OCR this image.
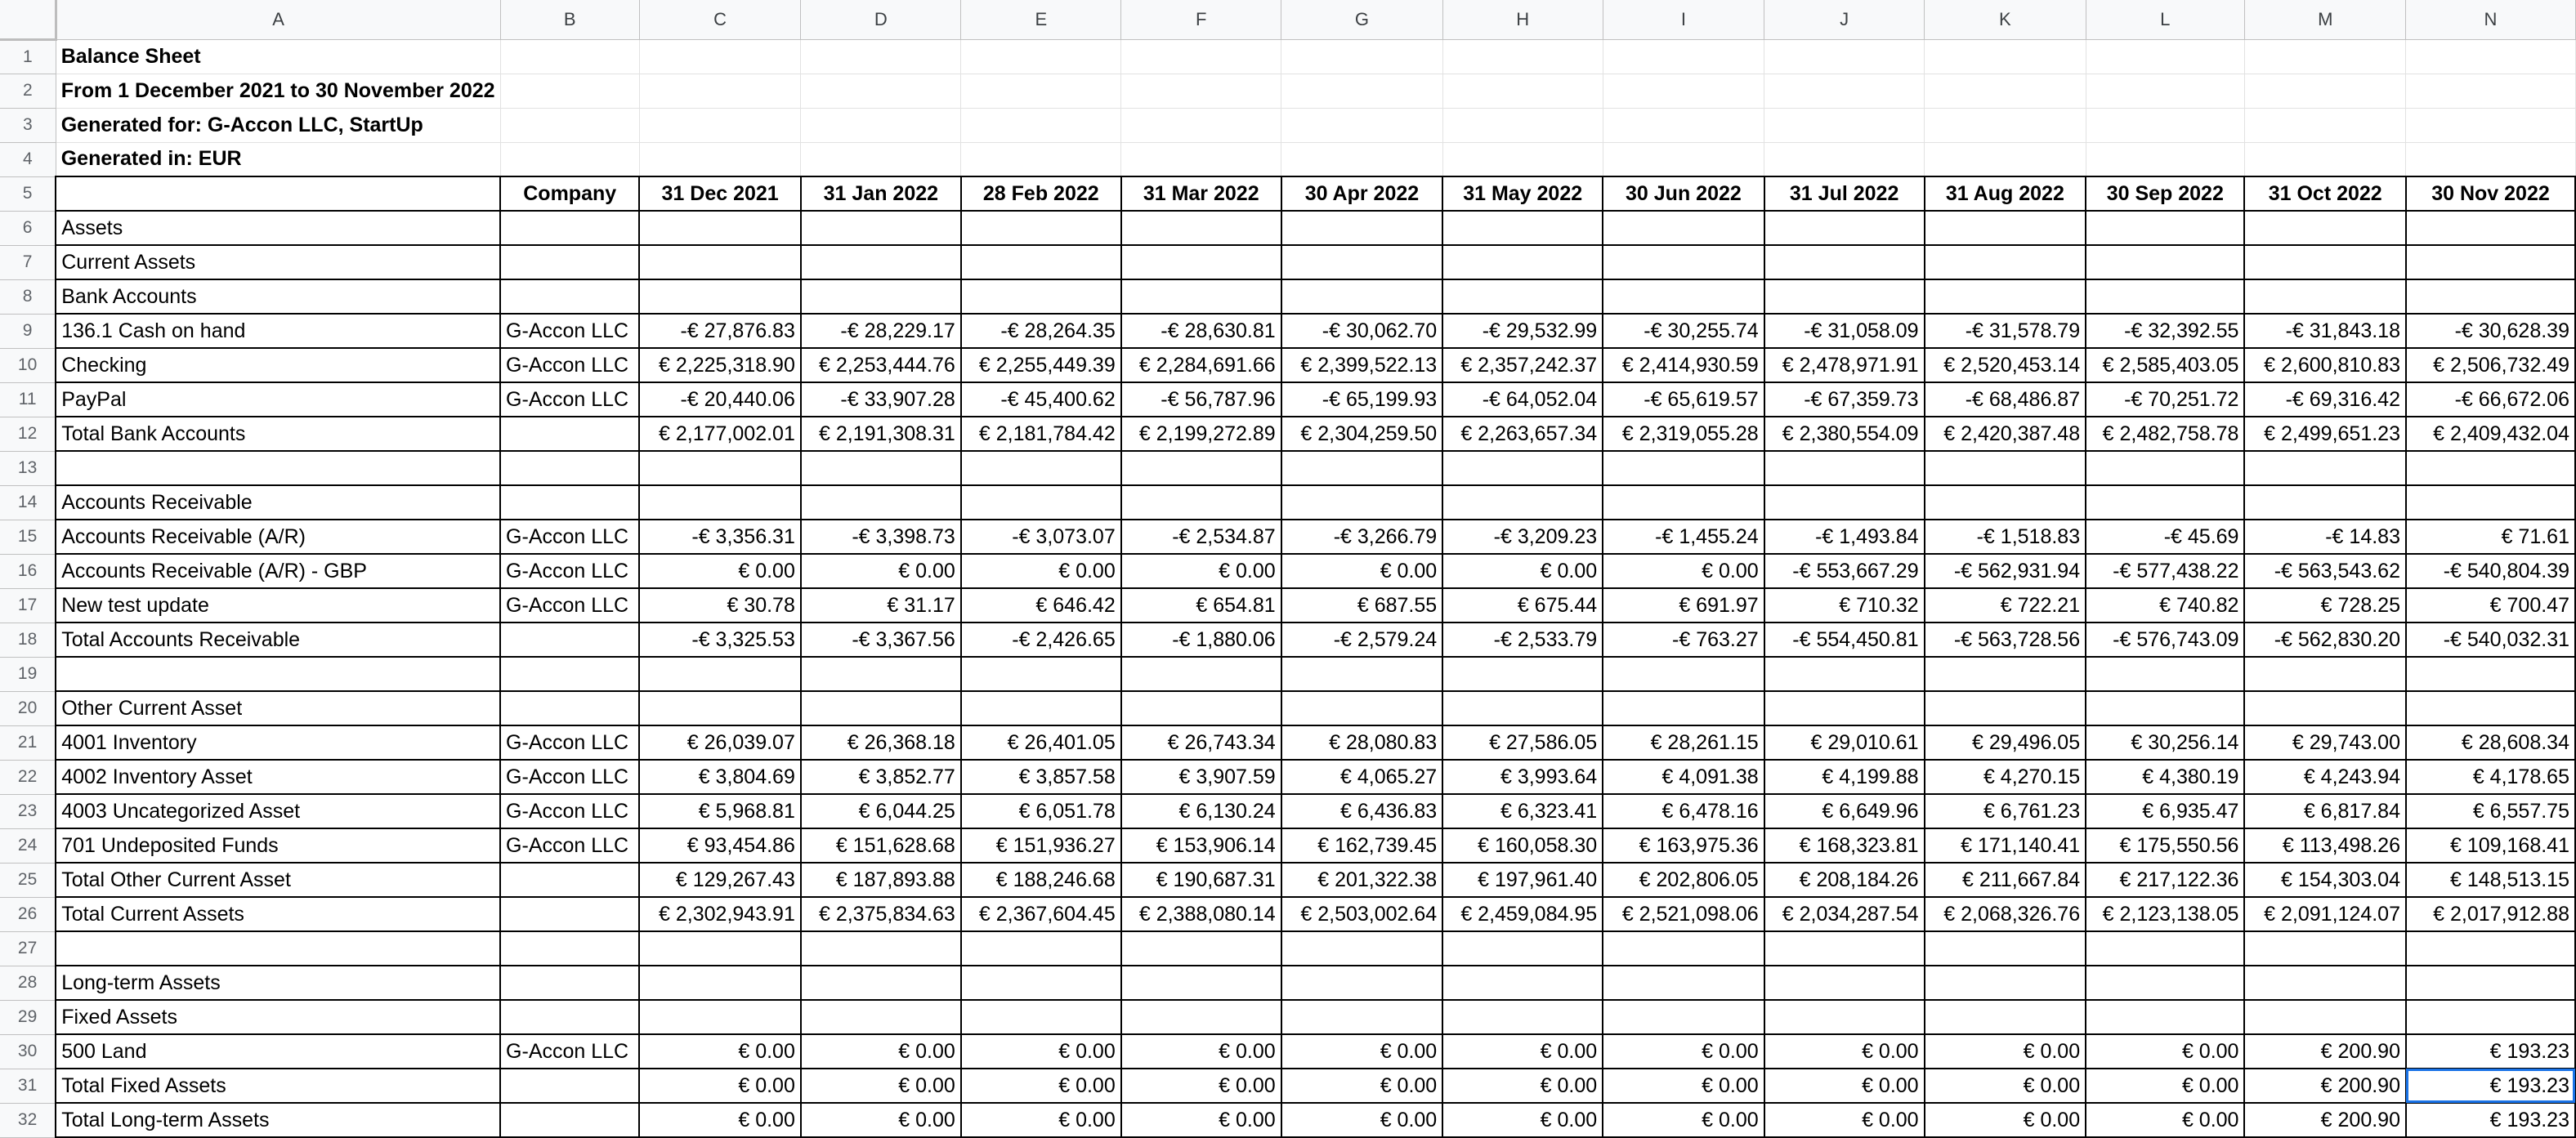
	A	B	C	D	E	F	G	H	I	J	K	L	M	N
1	Balance Sheet													
2	From 1 December 2021 to 30 November 2022													
3	Generated for: G-Accon LLC, StartUp													
4	Generated in: EUR													
5		Company	31 Dec 2021	31 Jan 2022	28 Feb 2022	31 Mar 2022	30 Apr 2022	31 May 2022	30 Jun 2022	31 Jul 2022	31 Aug 2022	30 Sep 2022	31 Oct 2022	30 Nov 2022
6	Assets													
7	Current Assets													
8	Bank Accounts													
9	136.1 Cash on hand	G-Accon LLC	-€ 27,876.83	-€ 28,229.17	-€ 28,264.35	-€ 28,630.81	-€ 30,062.70	-€ 29,532.99	-€ 30,255.74	-€ 31,058.09	-€ 31,578.79	-€ 32,392.55	-€ 31,843.18	-€ 30,628.39
10	Checking	G-Accon LLC	€ 2,225,318.90	€ 2,253,444.76	€ 2,255,449.39	€ 2,284,691.66	€ 2,399,522.13	€ 2,357,242.37	€ 2,414,930.59	€ 2,478,971.91	€ 2,520,453.14	€ 2,585,403.05	€ 2,600,810.83	€ 2,506,732.49
11	PayPal	G-Accon LLC	-€ 20,440.06	-€ 33,907.28	-€ 45,400.62	-€ 56,787.96	-€ 65,199.93	-€ 64,052.04	-€ 65,619.57	-€ 67,359.73	-€ 68,486.87	-€ 70,251.72	-€ 69,316.42	-€ 66,672.06
12	Total Bank Accounts		€ 2,177,002.01	€ 2,191,308.31	€ 2,181,784.42	€ 2,199,272.89	€ 2,304,259.50	€ 2,263,657.34	€ 2,319,055.28	€ 2,380,554.09	€ 2,420,387.48	€ 2,482,758.78	€ 2,499,651.23	€ 2,409,432.04
13														
14	Accounts Receivable													
15	Accounts Receivable (A/R)	G-Accon LLC	-€ 3,356.31	-€ 3,398.73	-€ 3,073.07	-€ 2,534.87	-€ 3,266.79	-€ 3,209.23	-€ 1,455.24	-€ 1,493.84	-€ 1,518.83	-€ 45.69	-€ 14.83	€ 71.61
16	Accounts Receivable (A/R) - GBP	G-Accon LLC	€ 0.00	€ 0.00	€ 0.00	€ 0.00	€ 0.00	€ 0.00	€ 0.00	-€ 553,667.29	-€ 562,931.94	-€ 577,438.22	-€ 563,543.62	-€ 540,804.39
17	New test update	G-Accon LLC	€ 30.78	€ 31.17	€ 646.42	€ 654.81	€ 687.55	€ 675.44	€ 691.97	€ 710.32	€ 722.21	€ 740.82	€ 728.25	€ 700.47
18	Total Accounts Receivable		-€ 3,325.53	-€ 3,367.56	-€ 2,426.65	-€ 1,880.06	-€ 2,579.24	-€ 2,533.79	-€ 763.27	-€ 554,450.81	-€ 563,728.56	-€ 576,743.09	-€ 562,830.20	-€ 540,032.31
19														
20	Other Current Asset													
21	4001 Inventory	G-Accon LLC	€ 26,039.07	€ 26,368.18	€ 26,401.05	€ 26,743.34	€ 28,080.83	€ 27,586.05	€ 28,261.15	€ 29,010.61	€ 29,496.05	€ 30,256.14	€ 29,743.00	€ 28,608.34
22	4002 Inventory Asset	G-Accon LLC	€ 3,804.69	€ 3,852.77	€ 3,857.58	€ 3,907.59	€ 4,065.27	€ 3,993.64	€ 4,091.38	€ 4,199.88	€ 4,270.15	€ 4,380.19	€ 4,243.94	€ 4,178.65
23	4003 Uncategorized Asset	G-Accon LLC	€ 5,968.81	€ 6,044.25	€ 6,051.78	€ 6,130.24	€ 6,436.83	€ 6,323.41	€ 6,478.16	€ 6,649.96	€ 6,761.23	€ 6,935.47	€ 6,817.84	€ 6,557.75
24	701 Undeposited Funds	G-Accon LLC	€ 93,454.86	€ 151,628.68	€ 151,936.27	€ 153,906.14	€ 162,739.45	€ 160,058.30	€ 163,975.36	€ 168,323.81	€ 171,140.41	€ 175,550.56	€ 113,498.26	€ 109,168.41
25	Total Other Current Asset		€ 129,267.43	€ 187,893.88	€ 188,246.68	€ 190,687.31	€ 201,322.38	€ 197,961.40	€ 202,806.05	€ 208,184.26	€ 211,667.84	€ 217,122.36	€ 154,303.04	€ 148,513.15
26	Total Current Assets		€ 2,302,943.91	€ 2,375,834.63	€ 2,367,604.45	€ 2,388,080.14	€ 2,503,002.64	€ 2,459,084.95	€ 2,521,098.06	€ 2,034,287.54	€ 2,068,326.76	€ 2,123,138.05	€ 2,091,124.07	€ 2,017,912.88
27														
28	Long-term Assets													
29	Fixed Assets													
30	500 Land	G-Accon LLC	€ 0.00	€ 0.00	€ 0.00	€ 0.00	€ 0.00	€ 0.00	€ 0.00	€ 0.00	€ 0.00	€ 0.00	€ 200.90	€ 193.23
31	Total Fixed Assets		€ 0.00	€ 0.00	€ 0.00	€ 0.00	€ 0.00	€ 0.00	€ 0.00	€ 0.00	€ 0.00	€ 0.00	€ 200.90	€ 193.23
32	Total Long-term Assets		€ 0.00	€ 0.00	€ 0.00	€ 0.00	€ 0.00	€ 0.00	€ 0.00	€ 0.00	€ 0.00	€ 0.00	€ 200.90	€ 193.23
